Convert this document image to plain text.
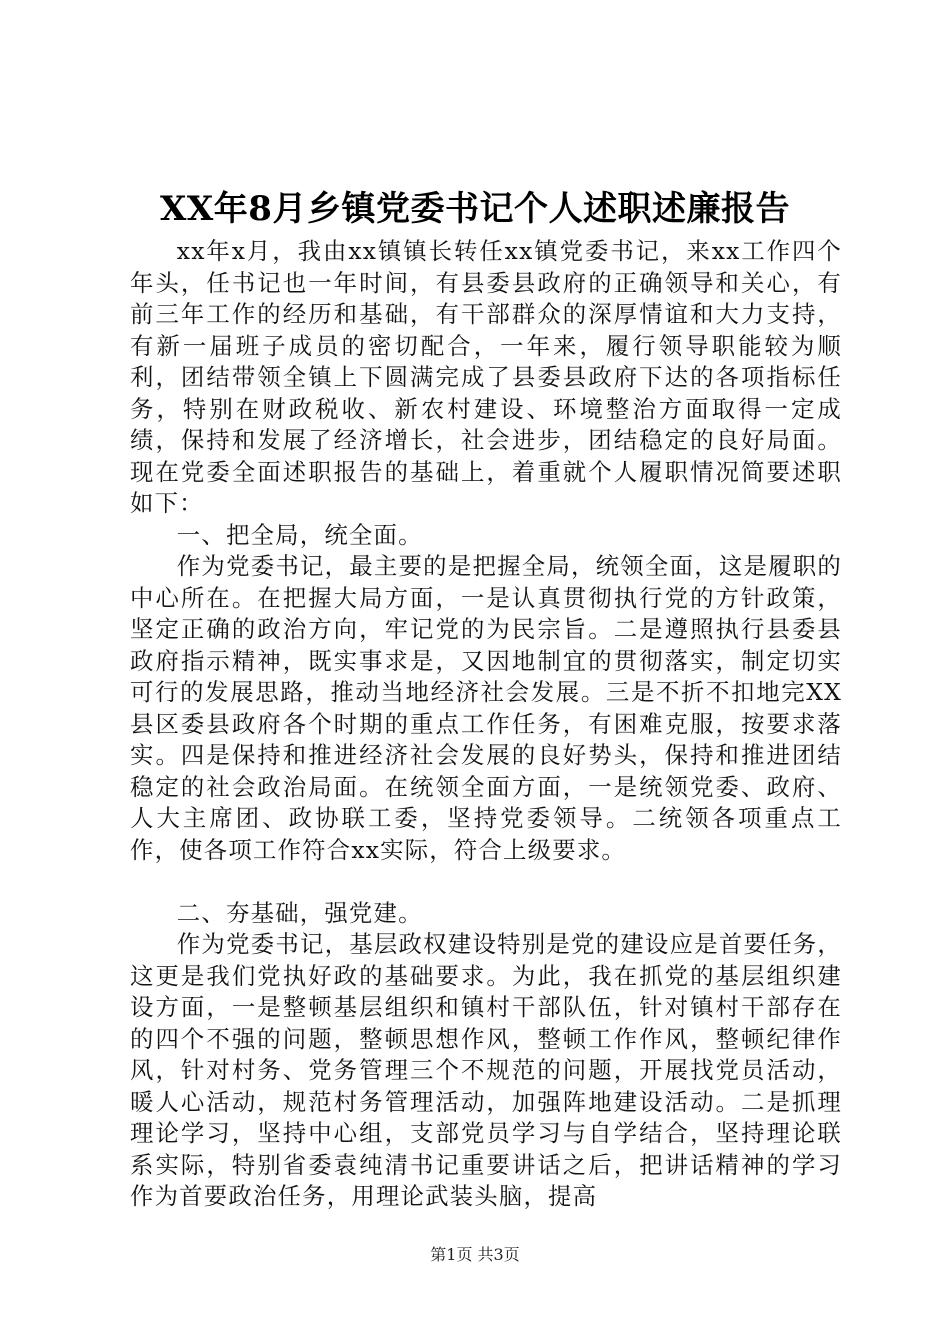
XX年8月乡镇党委书记个人述职述廉报告

xx年x月，我由xx镇镇长转任xx镇党委书记，来xx工作四个年头，任书记也一年时间，有县委县政府的正确领导和关心，有前三年工作的经历和基础，有干部群众的深厚情谊和大力支持，有新一届班子成员的密切配合，一年来，履行领导职能较为顺利，团结带领全镇上下圆满完成了县委县政府下达的各项指标任务，特别在财政税收、新农村建设、环境整治方面取得一定成绩，保持和发展了经济增长，社会进步，团结稳定的良好局面。现在党委全面述职报告的基础上，着重就个人履职情况简要述职如下：

一、把全局，统全面。

作为党委书记，最主要的是把握全局，统领全面，这是履职的中心所在。在把握大局方面，一是认真贯彻执行党的方针政策，坚定正确的政治方向，牢记党的为民宗旨。二是遵照执行县委县政府指示精神，既实事求是，又因地制宜的贯彻落实，制定切实可行的发展思路，推动当地经济社会发展。三是不折不扣地完XX县区委县政府各个时期的重点工作任务，有困难克服，按要求落实。四是保持和推进经济社会发展的良好势头，保持和推进团结稳定的社会政治局面。在统领全面方面，一是统领党委、政府、人大主席团、政协联工委，坚持党委领导。二统领各项重点工作，使各项工作符合xx实际，符合上级要求。

二、夯基础，强党建。

作为党委书记，基层政权建设特别是党的建设应是首要任务，这更是我们党执好政的基础要求。为此，我在抓党的基层组织建设方面，一是整顿基层组织和镇村干部队伍，针对镇村干部存在的四个不强的问题，整顿思想作风，整顿工作作风，整顿纪律作风，针对村务、党务管理三个不规范的问题，开展找党员活动，暖人心活动，规范村务管理活动，加强阵地建设活动。二是抓理理论学习，坚持中心组，支部党员学习与自学结合，坚持理论联系实际，特别省委袁纯清书记重要讲话之后，把讲话精神的学习作为首要政治任务，用理论武装头脑，提高

第1页 共3页
